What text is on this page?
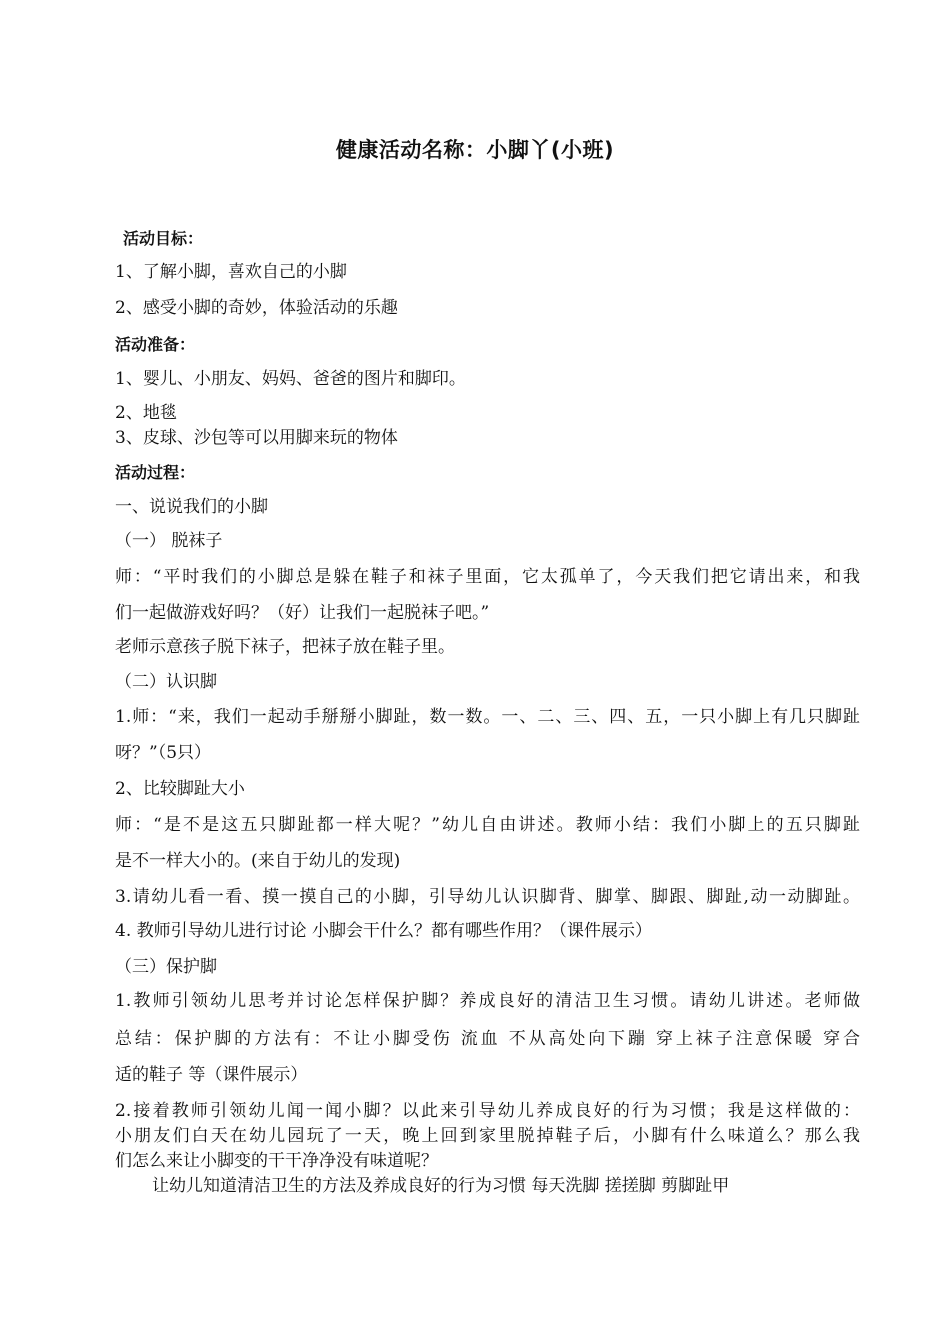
健康活动名称：小脚丫(小班)
活动目标：
1、了解小脚，喜欢自己的小脚
2、感受小脚的奇妙，体验活动的乐趣
活动准备：
1、婴儿、小朋友、妈妈、爸爸的图片和脚印。
2、地毯
3、皮球、沙包等可以用脚来玩的物体
活动过程：
一、说说我们的小脚
（一） 脱袜子
师：“平时我们的小脚总是躲在鞋子和袜子里面，它太孤单了，今天我们把它请出来，和我
们一起做游戏好吗？（好）让我们一起脱袜子吧。”
老师示意孩子脱下袜子，把袜子放在鞋子里。
（二）认识脚
1.师：“来，我们一起动手掰掰小脚趾，数一数。一、二、三、四、五，一只小脚上有几只脚趾
呀？”（5只）
2、比较脚趾大小
师：“是不是这五只脚趾都一样大呢？”幼儿自由讲述。教师小结：我们小脚上的五只脚趾
是不一样大小的。(来自于幼儿的发现)
3.请幼儿看一看、摸一摸自己的小脚，引导幼儿认识脚背、脚掌、脚跟、脚趾,动一动脚趾。
4. 教师引导幼儿进行讨论 小脚会干什么？都有哪些作用？（课件展示）
（三）保护脚
1.教师引领幼儿思考并讨论怎样保护脚？养成良好的清洁卫生习惯。请幼儿讲述。老师做
总结：保护脚的方法有：不让小脚受伤 流血 不从高处向下蹦 穿上袜子注意保暖 穿合
适的鞋子 等（课件展示）
2.接着教师引领幼儿闻一闻小脚？以此来引导幼儿养成良好的行为习惯；我是这样做的：
小朋友们白天在幼儿园玩了一天，晚上回到家里脱掉鞋子后，小脚有什么味道么？那么我
们怎么来让小脚变的干干净净没有味道呢？
让幼儿知道清洁卫生的方法及养成良好的行为习惯 每天洗脚 搓搓脚 剪脚趾甲
